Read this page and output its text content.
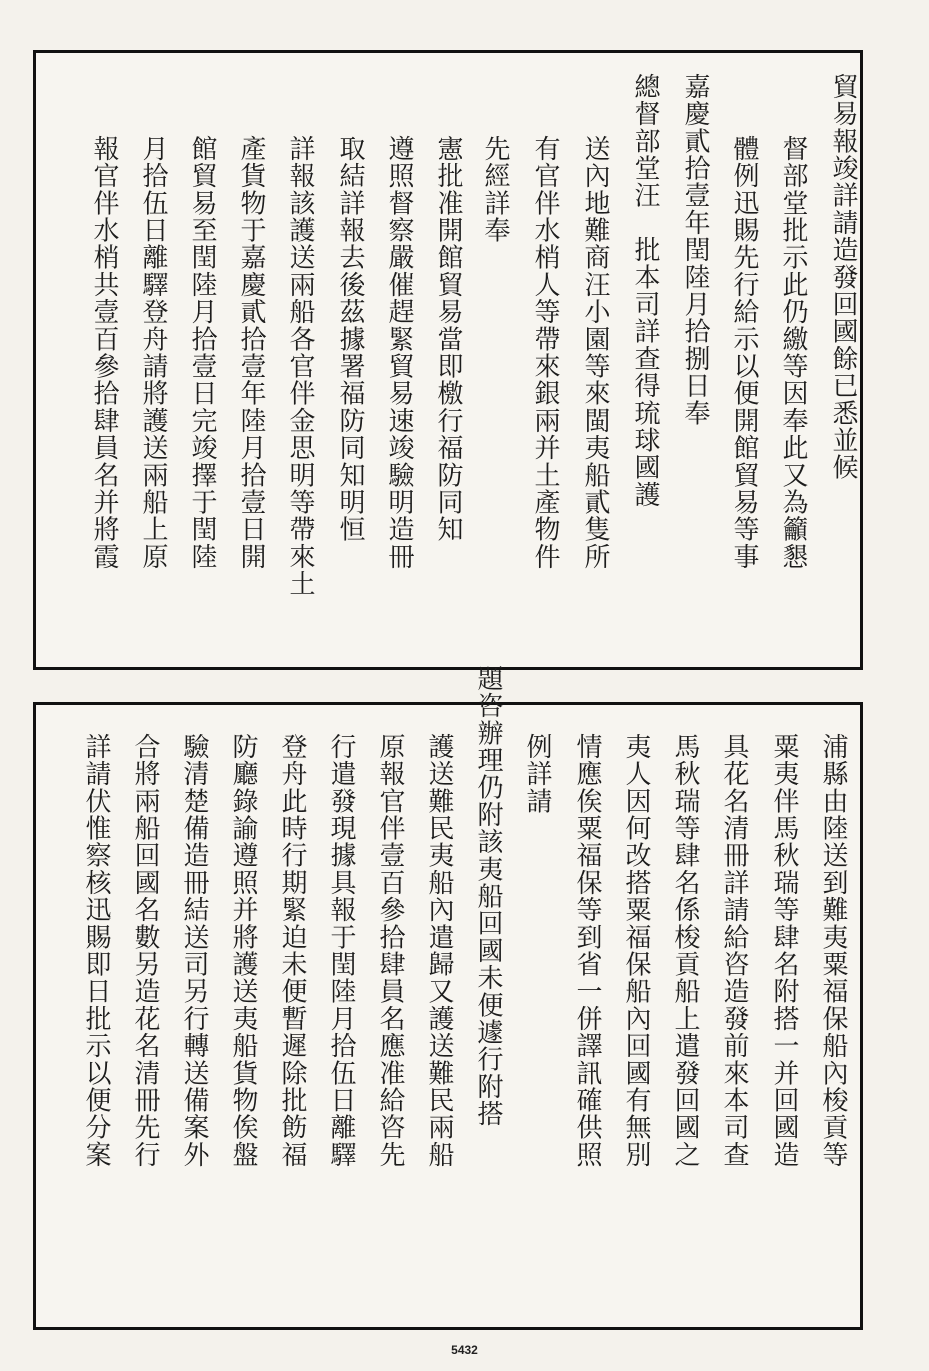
貿易報竣詳請造發回國餘已悉並候
督部堂批示此仍繳等因奉此又為籲懇
體例迅賜先行給示以便開館貿易等事
嘉慶貳拾壹年閏陸月拾捌日奉
總督部堂汪　批本司詳查得琉球國護
送內地難商汪小園等來閩夷船貳隻所
有官伴水梢人等帶來銀兩并土產物件
先經詳奉
憲批准開館貿易當即檄行福防同知
遵照督察嚴催趕緊貿易速竣驗明造冊
取結詳報去後茲據署福防同知明恒
詳報該護送兩船各官伴金思明等帶來土
產貨物于嘉慶貳拾壹年陸月拾壹日開
館貿易至閏陸月拾壹日完竣擇于閏陸
月拾伍日離驛登舟請將護送兩船上原
報官伴水梢共壹百參拾肆員名并將霞
浦縣由陸送到難夷粟福保船內梭貢等
粟夷伴馬秋瑞等肆名附搭一并回國造
具花名清冊詳請給咨造發前來本司查
馬秋瑞等肆名係梭貢船上遣發回國之
夷人因何改搭粟福保船內回國有無別
情應俟粟福保等到省一併譯訊確供照
例詳請
題咨辦理仍附該夷船回國未便遽行附搭
護送難民夷船內遣歸又護送難民兩船
原報官伴壹百參拾肆員名應准給咨先
行遣發現據具報于閏陸月拾伍日離驛
登舟此時行期緊迫未便暫遲除批飭福
防廳錄諭遵照并將護送夷船貨物俟盤
驗清楚備造冊結送司另行轉送備案外
合將兩船回國名數另造花名清冊先行
詳請伏惟察核迅賜即日批示以便分案
5432
